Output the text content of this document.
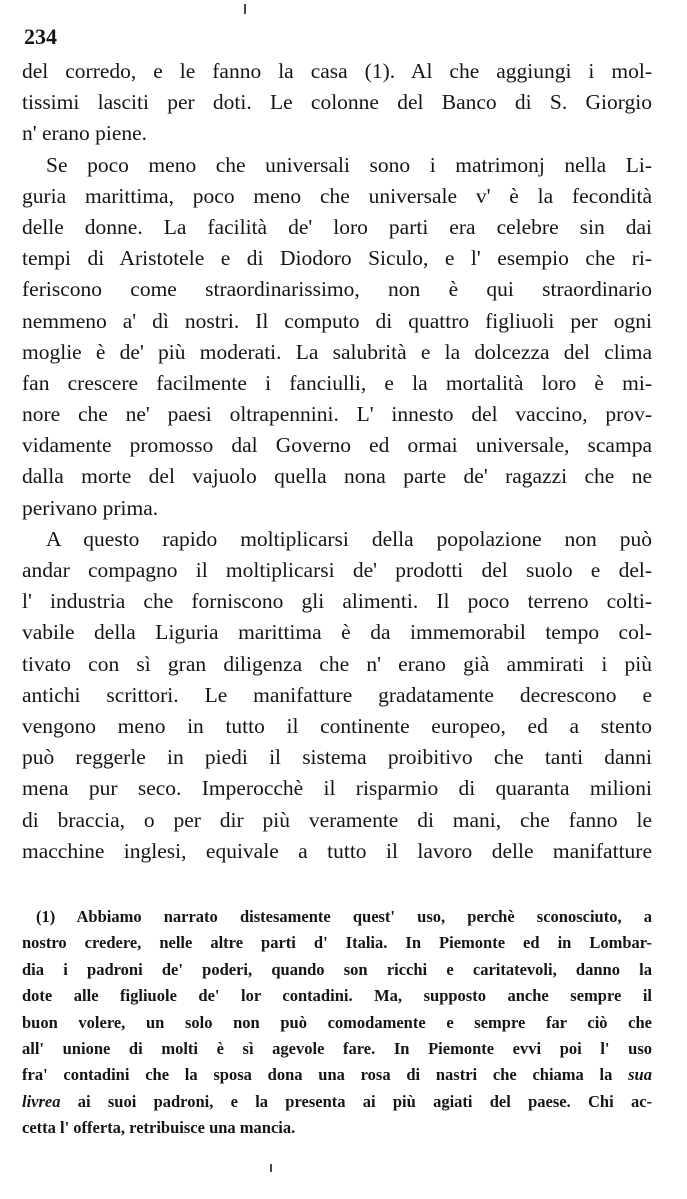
234
del corredo, e le fanno la casa (1). Al che aggiungi i mol-
tissimi lasciti per doti. Le colonne del Banco di S. Giorgio
n' erano piene.
Se poco meno che universali sono i matrimonj nella Li-
guria marittima, poco meno che universale v' è la fecondità
delle donne. La facilità de' loro parti era celebre sin dai
tempi di Aristotele e di Diodoro Siculo, e l' esempio che ri-
feriscono come straordinarissimo, non è qui straordinario
nemmeno a' dì nostri. Il computo di quattro figliuoli per ogni
moglie è de' più moderati. La salubrità e la dolcezza del clima
fan crescere facilmente i fanciulli, e la mortalità loro è mi-
nore che ne' paesi oltrapennini. L' innesto del vaccino, prov-
vidamente promosso dal Governo ed ormai universale, scampa
dalla morte del vajuolo quella nona parte de' ragazzi che ne
perivano prima.
A questo rapido moltiplicarsi della popolazione non può
andar compagno il moltiplicarsi de' prodotti del suolo e del-
l' industria che forniscono gli alimenti. Il poco terreno colti-
vabile della Liguria marittima è da immemorabil tempo col-
tivato con sì gran diligenza che n' erano già ammirati i più
antichi scrittori. Le manifatture gradatamente decrescono e
vengono meno in tutto il continente europeo, ed a stento
può reggerle in piedi il sistema proibitivo che tanti danni
mena pur seco. Imperocchè il risparmio di quaranta milioni
di braccia, o per dir più veramente di mani, che fanno le
macchine inglesi, equivale a tutto il lavoro delle manifatture
(1) Abbiamo narrato distesamente quest' uso, perchè sconosciuto, a
nostro credere, nelle altre parti d' Italia. In Piemonte ed in Lombar-
dia i padroni de' poderi, quando son ricchi e caritatevoli, danno la
dote alle figliuole de' lor contadini. Ma, supposto anche sempre il
buon volere, un solo non può comodamente e sempre far ciò che
all' unione di molti è sì agevole fare. In Piemonte evvi poi l' uso
fra' contadini che la sposa dona una rosa di nastri che chiama la sua
livrea ai suoi padroni, e la presenta ai più agiati del paese. Chi ac-
cetta l' offerta, retribuisce una mancia.
